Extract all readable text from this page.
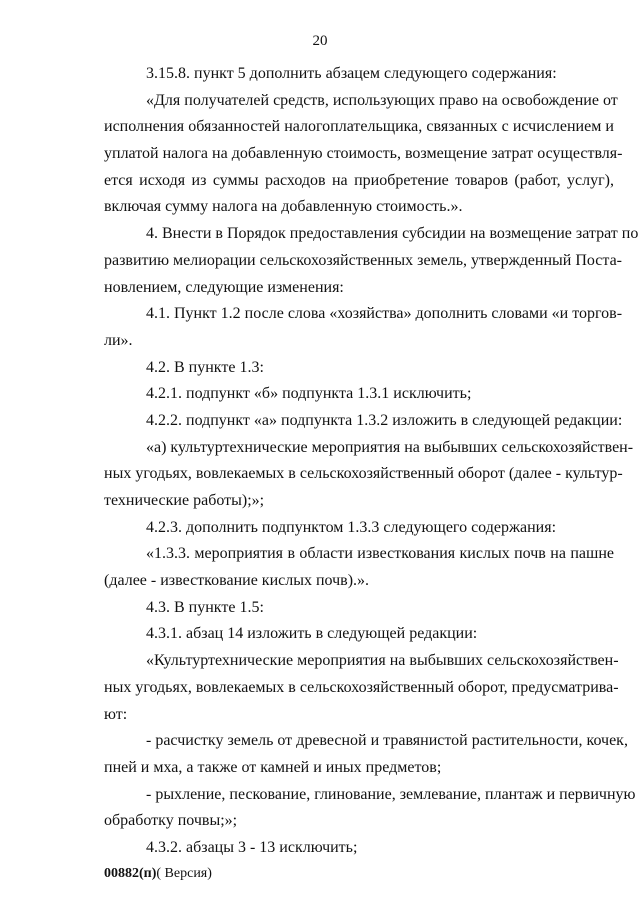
20
3.15.8. пункт 5 дополнить абзацем следующего содержания:
«Для получателей средств, использующих право на освобождение от
исполнения обязанностей налогоплательщика, связанных с исчислением и
уплатой налога на добавленную стоимость, возмещение затрат осуществля-
ется исходя из суммы расходов на приобретение товаров (работ, услуг),
включая сумму налога на добавленную стоимость.».
4. Внести в Порядок предоставления субсидии на возмещение затрат по
развитию мелиорации сельскохозяйственных земель, утвержденный Поста-
новлением, следующие изменения:
4.1. Пункт 1.2 после слова «хозяйства» дополнить словами «и торгов-
ли».
4.2. В пункте 1.3:
4.2.1. подпункт «б» подпункта 1.3.1 исключить;
4.2.2. подпункт «а» подпункта 1.3.2 изложить в следующей редакции:
«а) культуртехнические мероприятия на выбывших сельскохозяйствен-
ных угодьях, вовлекаемых в сельскохозяйственный оборот (далее - культур-
технические работы);»;
4.2.3. дополнить подпунктом 1.3.3 следующего содержания:
«1.3.3. мероприятия в области известкования кислых почв на пашне
(далее - известкование кислых почв).».
4.3. В пункте 1.5:
4.3.1. абзац 14 изложить в следующей редакции:
«Культуртехнические мероприятия на выбывших сельскохозяйствен-
ных угодьях, вовлекаемых в сельскохозяйственный оборот, предусматрива-
ют:
- расчистку земель от древесной и травянистой растительности, кочек,
пней и мха, а также от камней и иных предметов;
- рыхление, пескование, глинование, землевание, плантаж и первичную
обработку почвы;»;
4.3.2. абзацы 3 - 13 исключить;
00882(п)( Версия)
